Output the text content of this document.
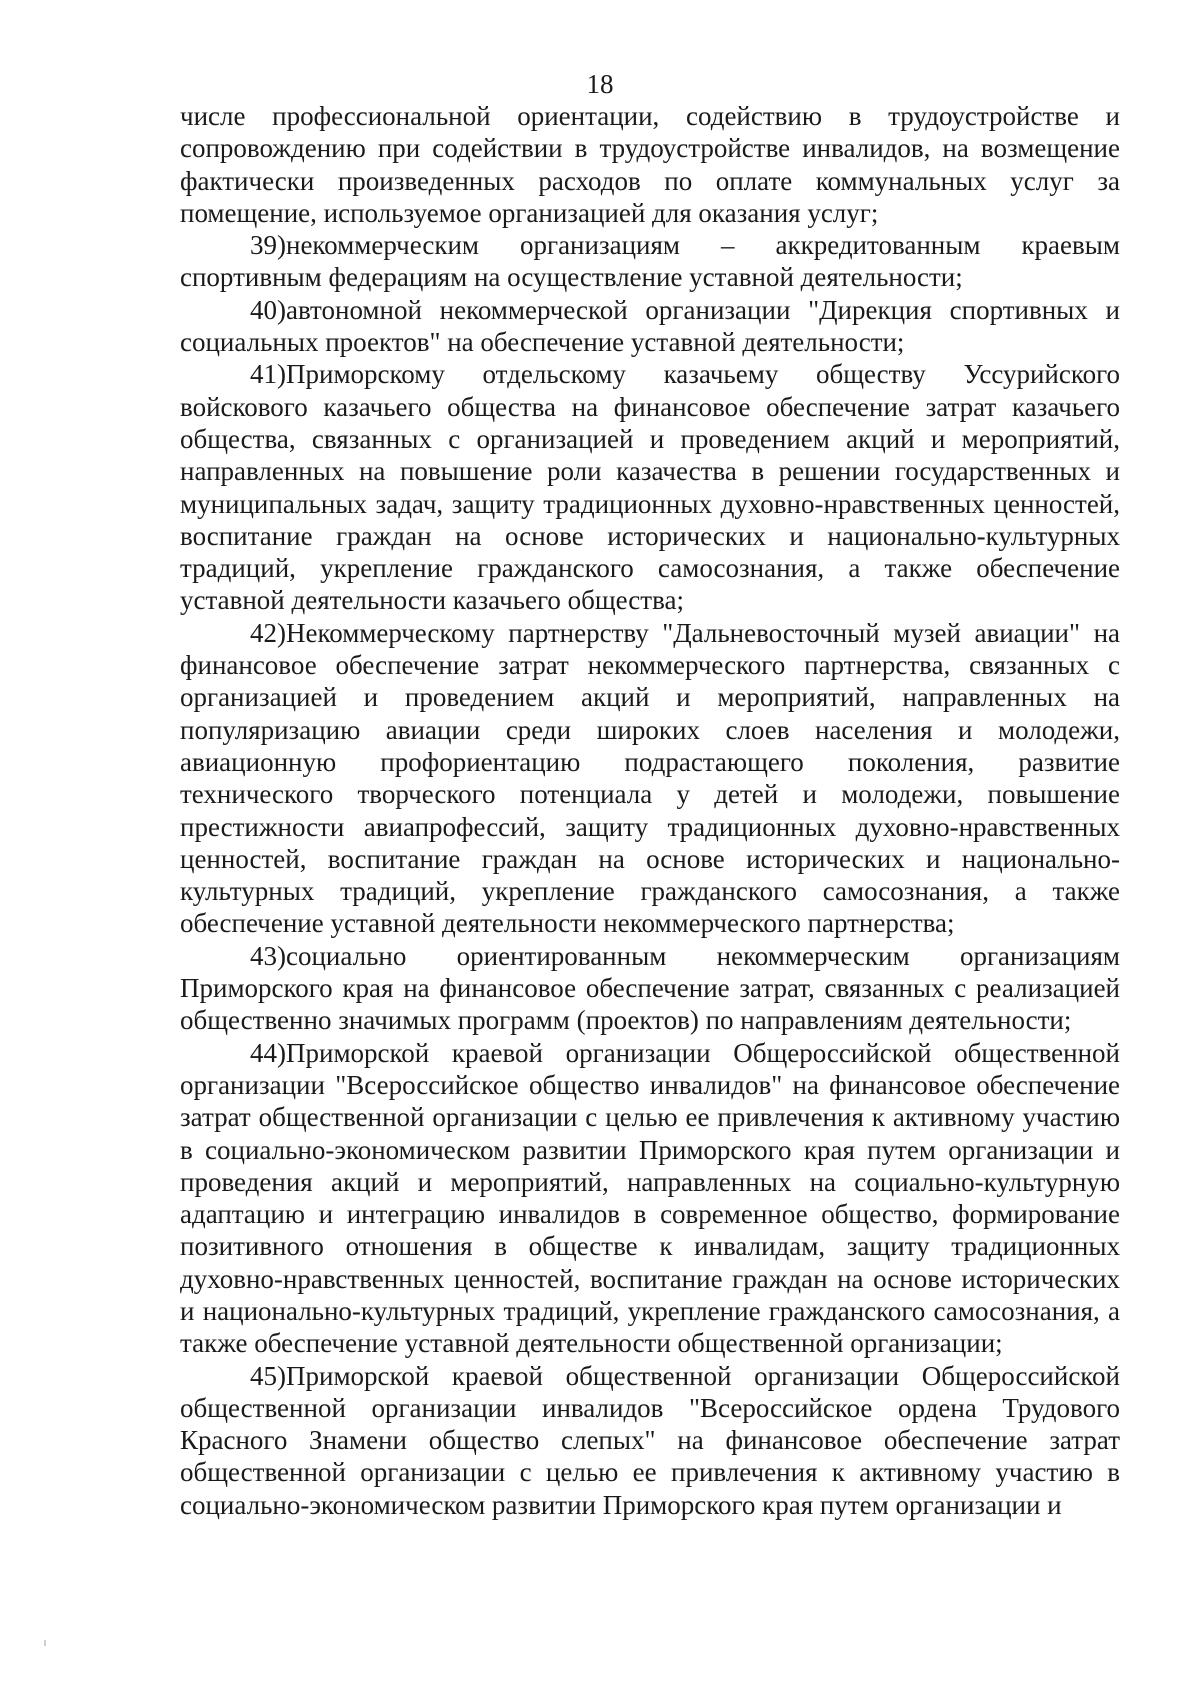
18

числе профессиональной ориентации, содействию в трудоустройстве и сопровождению при содействии в трудоустройстве инвалидов, на возмещение фактически произведенных расходов по оплате коммунальных услуг за помещение, используемое организацией для оказания услуг;

39)некоммерческим организациям – аккредитованным краевым спортивным федерациям на осуществление уставной деятельности;

40)автономной некоммерческой организации "Дирекция спортивных и социальных проектов" на обеспечение уставной деятельности;

41)Приморскому отдельскому казачьему обществу Уссурийского войскового казачьего общества на финансовое обеспечение затрат казачьего общества, связанных с организацией и проведением акций и мероприятий, направленных на повышение роли казачества в решении государственных и муниципальных задач, защиту традиционных духовно-нравственных ценностей, воспитание граждан на основе исторических и национально-культурных традиций, укрепление гражданского самосознания, а также обеспечение уставной деятельности казачьего общества;

42)Некоммерческому партнерству "Дальневосточный музей авиации" на финансовое обеспечение затрат некоммерческого партнерства, связанных с организацией и проведением акций и мероприятий, направленных на популяризацию авиации среди широких слоев населения и молодежи, авиационную профориентацию подрастающего поколения, развитие технического творческого потенциала у детей и молодежи, повышение престижности авиапрофессий, защиту традиционных духовно-нравственных ценностей, воспитание граждан на основе исторических и национально-культурных традиций, укрепление гражданского самосознания, а также обеспечение уставной деятельности некоммерческого партнерства;

43)социально ориентированным некоммерческим организациям Приморского края на финансовое обеспечение затрат, связанных с реализацией общественно значимых программ (проектов) по направлениям деятельности;

44)Приморской краевой организации Общероссийской общественной организации "Всероссийское общество инвалидов" на финансовое обеспечение затрат общественной организации с целью ее привлечения к активному участию в социально-экономическом развитии Приморского края путем организации и проведения акций и мероприятий, направленных на социально-культурную адаптацию и интеграцию инвалидов в современное общество, формирование позитивного отношения в обществе к инвалидам, защиту традиционных духовно-нравственных ценностей, воспитание граждан на основе исторических и национально-культурных традиций, укрепление гражданского самосознания, а также обеспечение уставной деятельности общественной организации;

45)Приморской краевой общественной организации Общероссийской общественной организации инвалидов "Всероссийское ордена Трудового Красного Знамени общество слепых" на финансовое обеспечение затрат общественной организации с целью ее привлечения к активному участию в социально-экономическом развитии Приморского края путем организации и
